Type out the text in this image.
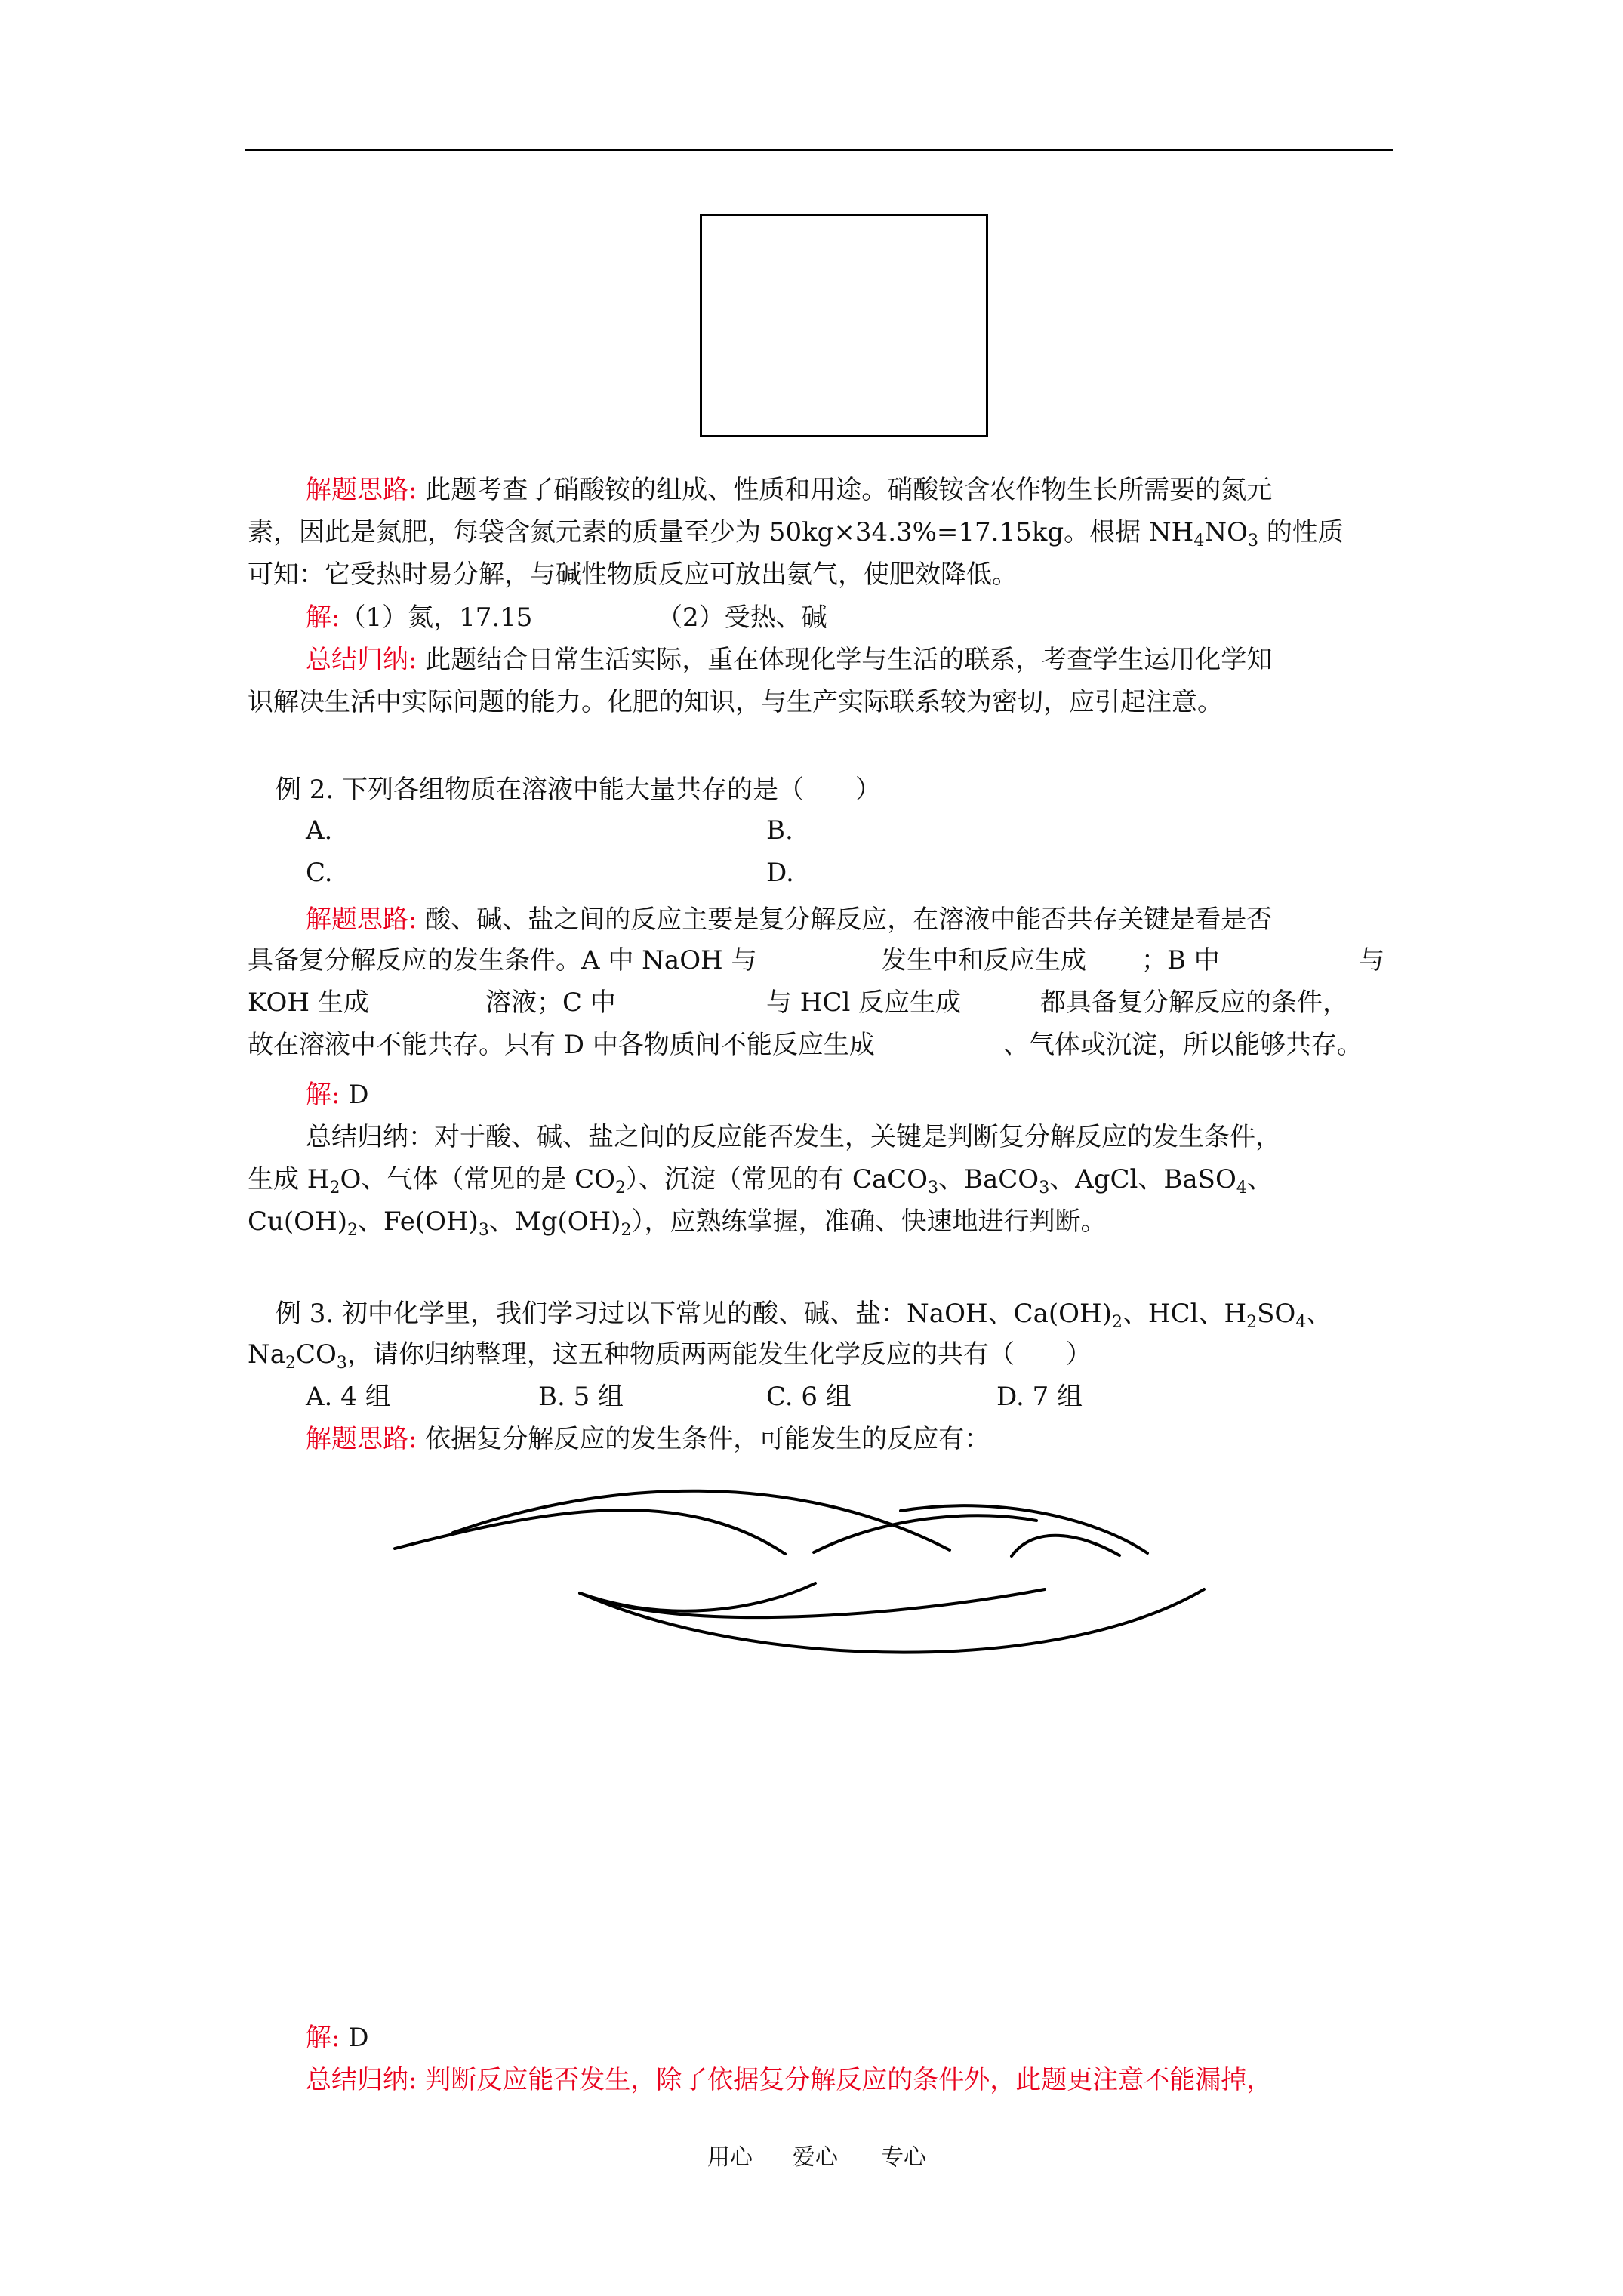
解题思路: 此题考查了硝酸铵的组成、性质和用途。硝酸铵含农作物生长所需要的氮元
素，因此是氮肥，每袋含氮元素的质量至少为 50kg×34.3%=17.15kg。根据 $NH_4NO_3$ 的性质
可知：它受热时易分解，与碱性物质反应可放出氨气，使肥效降低。
解:（1）氮，17.15	（2）受热、碱
总结归纳: 此题结合日常生活实际，重在体现化学与生活的联系，考查学生运用化学知
识解决生活中实际问题的能力。化肥的知识，与生产实际联系较为密切，应引起注意。
例 2. 下列各组物质在溶液中能大量共存的是（　　）
A.	B.
C.	D.
解题思路: 酸、碱、盐之间的反应主要是复分解反应，在溶液中能否共存关键是看是否
具备复分解反应的发生条件。A 中 NaOH 与	发生中和反应生成 ；B 中	与
KOH 生成	溶液；C 中	与 HCl 反应生成	都具备复分解反应的条件，
故在溶液中不能共存。只有 D 中各物质间不能反应生成	、气体或沉淀，所以能够共存。
解: D
总结归纳：对于酸、碱、盐之间的反应能否发生，关键是判断复分解反应的发生条件，
生成 $H_2O$、气体（常见的是 $CO_2$）、沉淀（常见的有 CaCO$_3$、BaCO$_3$、AgCl、BaSO$_4$、
$Cu(OH)_2$、$Fe(OH)_3$、$Mg(OH)_2$），应熟练掌握，准确、快速地进行判断。
例 3. 初中化学里，我们学习过以下常见的酸、碱、盐：NaOH、$Ca(OH)_2$、HCl、$H_2SO_4$、
$Na_2CO_3$，请你归纳整理，这五种物质两两能发生化学反应的共有（　　）
A. 4 组	B. 5 组	C. 6 组	D. 7 组
解题思路: 依据复分解反应的发生条件，可能发生的反应有：
解: D
总结归纳: 判断反应能否发生，除了依据复分解反应的条件外，此题更注意不能漏掉，
用心 爱心 专心
